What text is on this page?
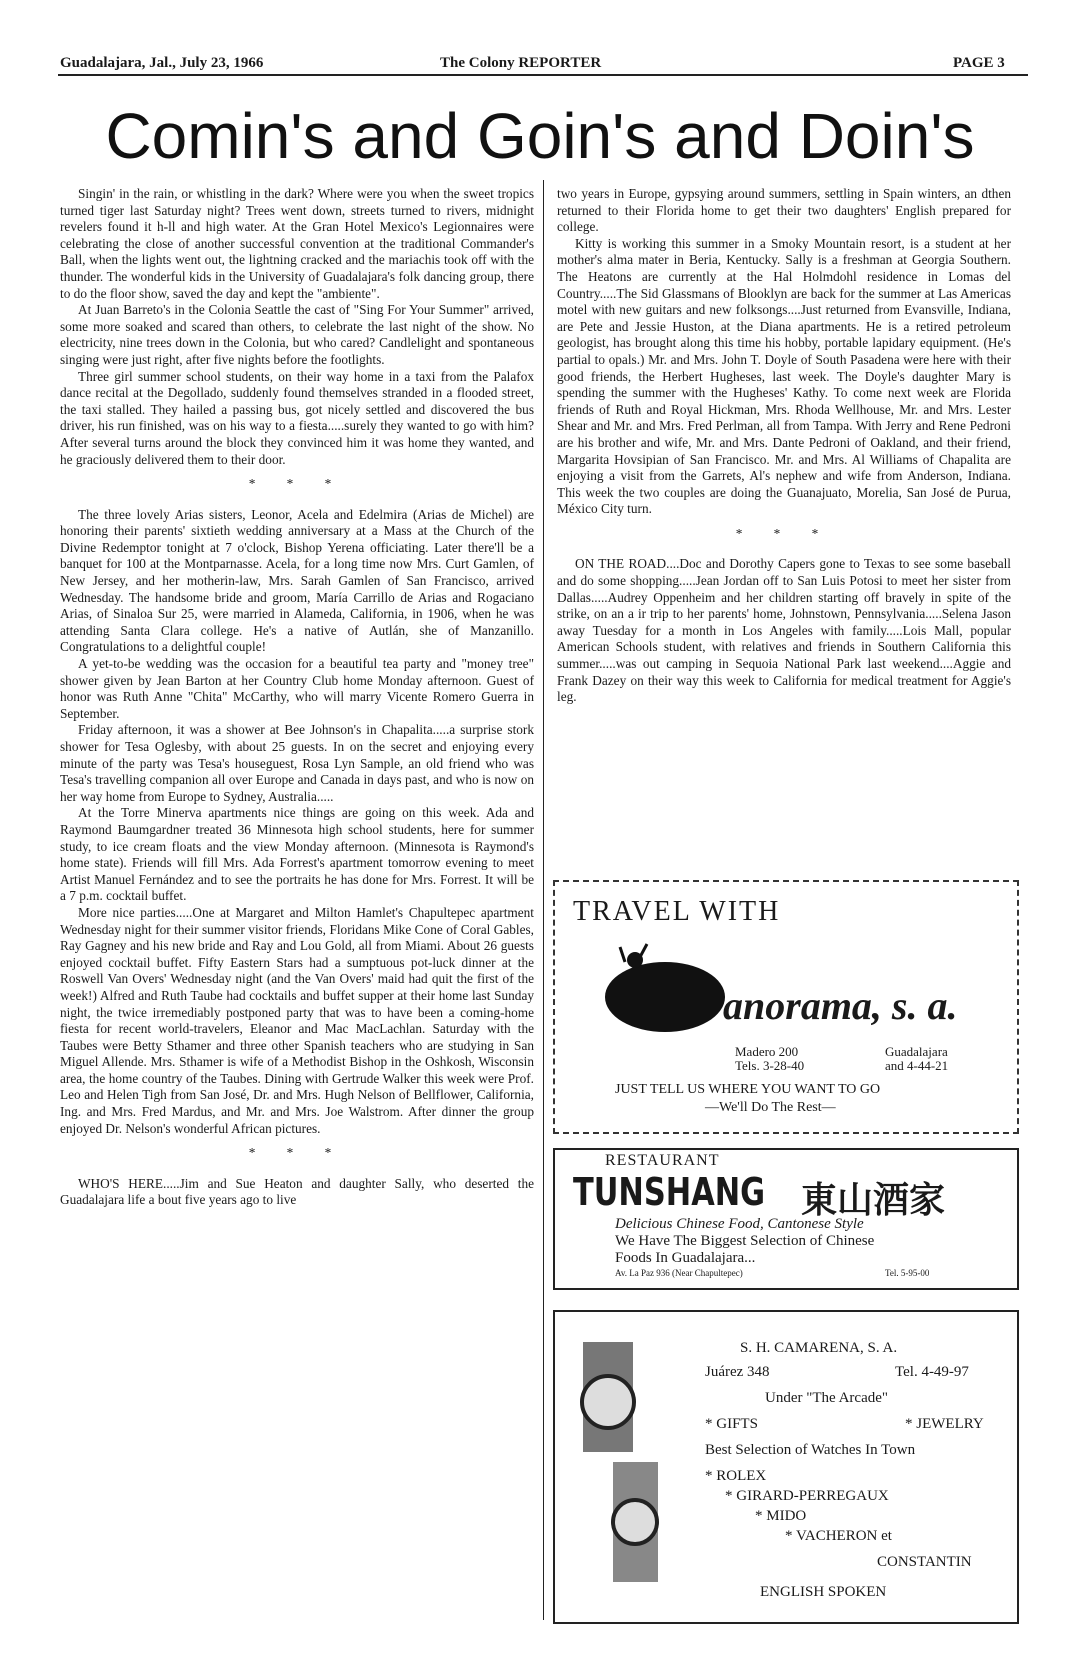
Guadalajara, Jal., July 23, 1966	The Colony REPORTER	PAGE 3
Comin's and Goin's and Doin's

Singin' in the rain, or whistling in the dark? Where were you when the sweet tropics turned tiger last Saturday night? Trees went down, streets turned to rivers, midnight revelers found it h-ll and high water. At the Gran Hotel Mexico's Legionnaires were celebrating the close of another successful convention at the traditional Commander's Ball, when the lights went out, the lightning cracked and the mariachis took off with the thunder. The wonderful kids in the University of Guadalajara's folk dancing group, there to do the floor show, saved the day and kept the "ambiente".

At Juan Barreto's in the Colonia Seattle the cast of "Sing For Your Summer" arrived, some more soaked and scared than others, to celebrate the last night of the show. No electricity, nine trees down in the Colonia, but who cared? Candlelight and spontaneous singing were just right, after five nights before the footlights.

Three girl summer school students, on their way home in a taxi from the Palafox dance recital at the Degollado, suddenly found themselves stranded in a flooded street, the taxi stalled. They hailed a passing bus, got nicely settled and discovered the bus driver, his run finished, was on his way to a fiesta.....surely they wanted to go with him? After several turns around the block they convinced him it was home they wanted, and he graciously delivered them to their door.

* * *

The three lovely Arias sisters, Leonor, Acela and Edelmira (Arias de Michel) are honoring their parents' sixtieth wedding anniversary at a Mass at the Church of the Divine Redemptor tonight at 7 o'clock, Bishop Yerena officiating. Later there'll be a banquet for 100 at the Montparnasse. Acela, for a long time now Mrs. Curt Gamlen, of New Jersey, and her motherin-law, Mrs. Sarah Gamlen of San Francisco, arrived Wednesday. The handsome bride and groom, María Carrillo de Arias and Rogaciano Arias, of Sinaloa Sur 25, were married in Alameda, California, in 1906, when he was attending Santa Clara college. He's a native of Autlán, she of Manzanillo. Congratulations to a delightful couple!

A yet-to-be wedding was the occasion for a beautiful tea party and "money tree" shower given by Jean Barton at her Country Club home Monday afternoon. Guest of honor was Ruth Anne "Chita" McCarthy, who will marry Vicente Romero Guerra in September.

Friday afternoon, it was a shower at Bee Johnson's in Chapalita.....a surprise stork shower for Tesa Oglesby, with about 25 guests. In on the secret and enjoying every minute of the party was Tesa's houseguest, Rosa Lyn Sample, an old friend who was Tesa's travelling companion all over Europe and Canada in days past, and who is now on her way home from Europe to Sydney, Australia.....

At the Torre Minerva apartments nice things are going on this week. Ada and Raymond Baumgardner treated 36 Minnesota high school students, here for summer study, to ice cream floats and the view Monday afternoon. (Minnesota is Raymond's home state). Friends will fill Mrs. Ada Forrest's apartment tomorrow evening to meet Artist Manuel Fernández and to see the portraits he has done for Mrs. Forrest. It will be a 7 p.m. cocktail buffet.

More nice parties.....One at Margaret and Milton Hamlet's Chapultepec apartment Wednesday night for their summer visitor friends, Floridans Mike Cone of Coral Gables, Ray Gagney and his new bride and Ray and Lou Gold, all from Miami. About 26 guests enjoyed cocktail buffet. Fifty Eastern Stars had a sumptuous pot-luck dinner at the Roswell Van Overs' Wednesday night (and the Van Overs' maid had quit the first of the week!) Alfred and Ruth Taube had cocktails and buffet supper at their home last Sunday night, the twice irremediably postponed party that was to have been a coming-home fiesta for recent world-travelers, Eleanor and Mac MacLachlan. Saturday with the Taubes were Betty Sthamer and three other Spanish teachers who are studying in San Miguel Allende. Mrs. Sthamer is wife of a Methodist Bishop in the Oshkosh, Wisconsin area, the home country of the Taubes. Dining with Gertrude Walker this week were Prof. Leo and Helen Tigh from San José, Dr. and Mrs. Hugh Nelson of Bellflower, California, Ing. and Mrs. Fred Mardus, and Mr. and Mrs. Joe Walstrom. After dinner the group enjoyed Dr. Nelson's wonderful African pictures.

* * *

WHO'S HERE.....Jim and Sue Heaton and daughter Sally, who deserted the Guadalajara life a bout five years ago to live

two years in Europe, gypsying around summers, settling in Spain winters, an dthen returned to their Florida home to get their two daughters' English prepared for college.

Kitty is working this summer in a Smoky Mountain resort, is a student at her mother's alma mater in Beria, Kentucky. Sally is a freshman at Georgia Southern. The Heatons are currently at the Hal Holmdohl residence in Lomas del Country.....The Sid Glassmans of Blooklyn are back for the summer at Las Americas motel with new guitars and new folksongs....Just returned from Evansville, Indiana, are Pete and Jessie Huston, at the Diana apartments. He is a retired petroleum geologist, has brought along this time his hobby, portable lapidary equipment. (He's partial to opals.) Mr. and Mrs. John T. Doyle of South Pasadena were here with their good friends, the Herbert Hugheses, last week. The Doyle's daughter Mary is spending the summer with the Hugheses' Kathy. To come next week are Florida friends of Ruth and Royal Hickman, Mrs. Rhoda Wellhouse, Mr. and Mrs. Lester Shear and Mr. and Mrs. Fred Perlman, all from Tampa. With Jerry and Rene Pedroni are his brother and wife, Mr. and Mrs. Dante Pedroni of Oakland, and their friend, Margarita Hovsipian of San Francisco. Mr. and Mrs. Al Williams of Chapalita are enjoying a visit from the Garrets, Al's nephew and wife from Anderson, Indiana. This week the two couples are doing the Guanajuato, Morelia, San José de Purua, México City turn.

* * *

ON THE ROAD....Doc and Dorothy Capers gone to Texas to see some baseball and do some shopping.....Jean Jordan off to San Luis Potosi to meet her sister from Dallas.....Audrey Oppenheim and her children starting off bravely in spite of the strike, on an a ir trip to her parents' home, Johnstown, Pennsylvania.....Selena Jason away Tuesday for a month in Los Angeles with family.....Lois Mall, popular American Schools student, with relatives and friends in Southern California this summer.....was out camping in Sequoia National Park last weekend....Aggie and Frank Dazey on their way this week to California for medical treatment for Aggie's leg.

TRAVEL WITH
anorama, s. a.
Madero 200
Tels. 3-28-40
Guadalajara
and 4-44-21
JUST TELL US WHERE YOU WANT TO GO
—We'll Do The Rest—
RESTAURANT
TUNSHANG 東山酒家
Delicious Chinese Food, Cantonese Style
We Have The Biggest Selection of Chinese
Foods In Guadalajara...
Av. La Paz 936 (Near Chapultepec)	Tel. 5-95-00
S. H. CAMARENA, S. A.
Juárez 348	Tel. 4-49-97
Under "The Arcade"
* GIFTS	* JEWELRY
Best Selection of Watches In Town
* ROLEX
* GIRARD-PERREGAUX
* MIDO
* VACHERON et
CONSTANTIN
ENGLISH SPOKEN
